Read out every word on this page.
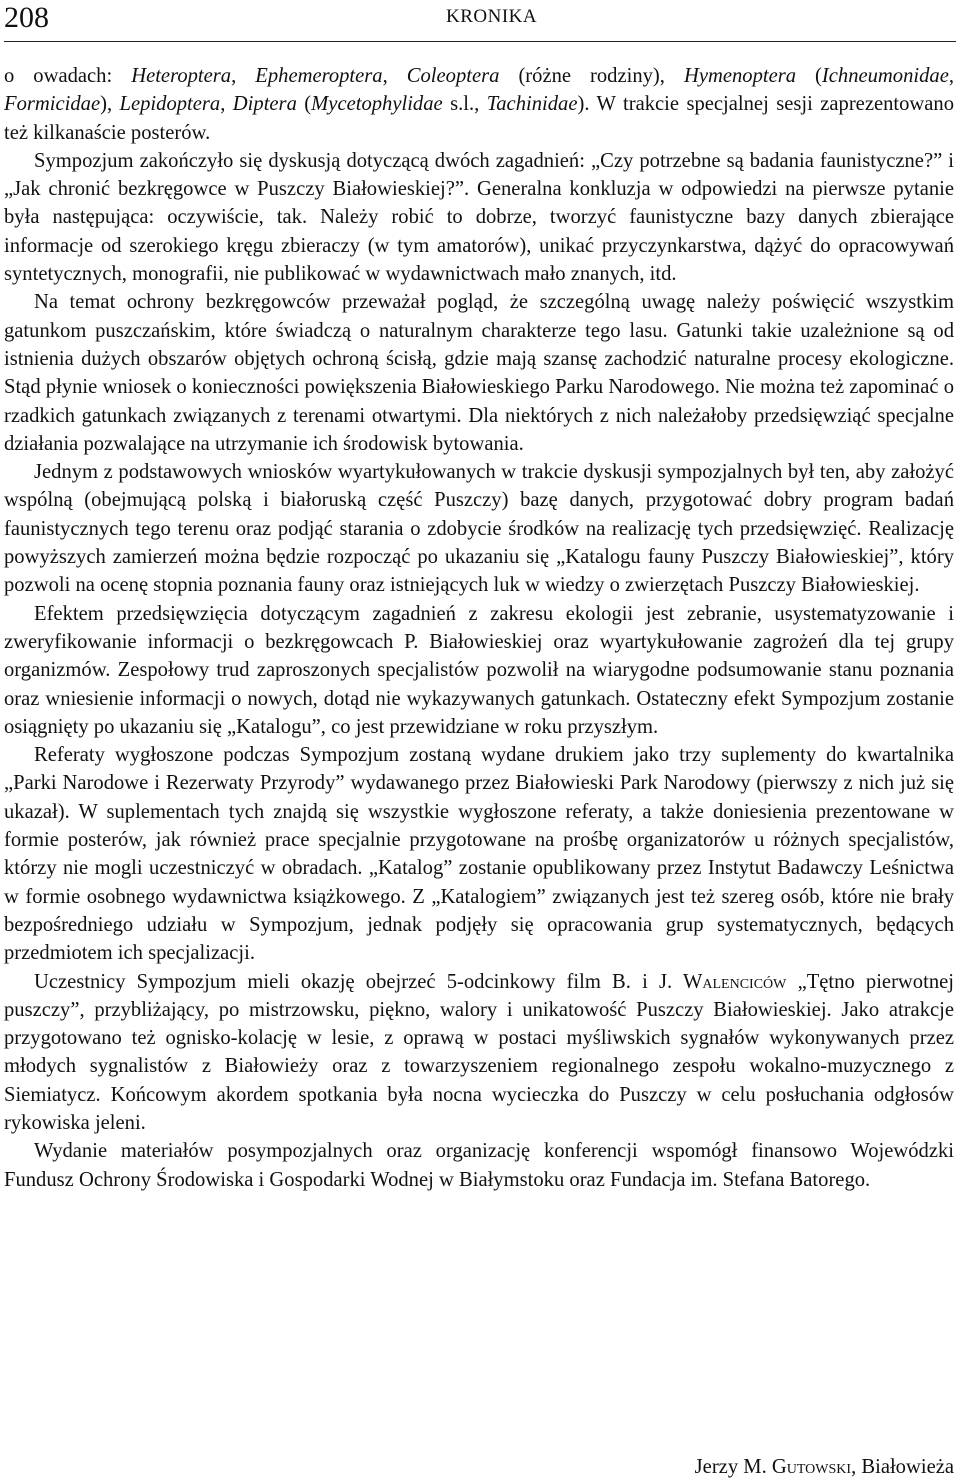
208	KRONIKA

o owadach: Heteroptera, Ephemeroptera, Coleoptera (różne rodziny), Hymenoptera (Ichneumonidae, Formicidae), Lepidoptera, Diptera (Mycetophylidae s.l., Tachinidae). W trakcie specjalnej sesji zaprezentowano też kilkanaście posterów.

Sympozjum zakończyło się dyskusją dotyczącą dwóch zagadnień: „Czy potrzebne są badania faunistyczne?” i „Jak chronić bezkręgowce w Puszczy Białowieskiej?”. Generalna konkluzja w odpowiedzi na pierwsze pytanie była następująca: oczywiście, tak. Należy robić to dobrze, tworzyć faunistyczne bazy danych zbierające informacje od szerokiego kręgu zbieraczy (w tym amatorów), unikać przyczynkarstwa, dążyć do opracowywań syntetycznych, monografii, nie publikować w wydawnictwach mało znanych, itd.

Na temat ochrony bezkręgowców przeważał pogląd, że szczególną uwagę należy poświęcić wszystkim gatunkom puszczańskim, które świadczą o naturalnym charakterze tego lasu. Gatunki takie uzależnione są od istnienia dużych obszarów objętych ochroną ścisłą, gdzie mają szansę zachodzić naturalne procesy ekologiczne. Stąd płynie wniosek o konieczności powiększenia Białowieskiego Parku Narodowego. Nie można też zapominać o rzadkich gatunkach związanych z terenami otwartymi. Dla niektórych z nich należałoby przedsięwziąć specjalne działania pozwalające na utrzymanie ich środowisk bytowania.

Jednym z podstawowych wniosków wyartykułowanych w trakcie dyskusji sympozjalnych był ten, aby założyć wspólną (obejmującą polską i białoruską część Puszczy) bazę danych, przygotować dobry program badań faunistycznych tego terenu oraz podjąć starania o zdobycie środków na realizację tych przedsięwzięć. Realizację powyższych zamierzeń można będzie rozpocząć po ukazaniu się „Katalogu fauny Puszczy Białowieskiej”, który pozwoli na ocenę stopnia poznania fauny oraz istniejących luk w wiedzy o zwierzętach Puszczy Białowieskiej.

Efektem przedsięwzięcia dotyczącym zagadnień z zakresu ekologii jest zebranie, usystematyzowanie i zweryfikowanie informacji o bezkręgowcach P. Białowieskiej oraz wyartykułowanie zagrożeń dla tej grupy organizmów. Zespołowy trud zaproszonych specjalistów pozwolił na wiarygodne podsumowanie stanu poznania oraz wniesienie informacji o nowych, dotąd nie wykazywanych gatunkach. Ostateczny efekt Sympozjum zostanie osiągnięty po ukazaniu się „Katalogu”, co jest przewidziane w roku przyszłym.

Referaty wygłoszone podczas Sympozjum zostaną wydane drukiem jako trzy suplementy do kwartalnika „Parki Narodowe i Rezerwaty Przyrody” wydawanego przez Białowieski Park Narodowy (pierwszy z nich już się ukazał). W suplementach tych znajdą się wszystkie wygłoszone referaty, a także doniesienia prezentowane w formie posterów, jak również prace specjalnie przygotowane na prośbę organizatorów u różnych specjalistów, którzy nie mogli uczestniczyć w obradach. „Katalog” zostanie opublikowany przez Instytut Badawczy Leśnictwa w formie osobnego wydawnictwa książkowego. Z „Katalogiem” związanych jest też szereg osób, które nie brały bezpośredniego udziału w Sympozjum, jednak podjęły się opracowania grup systematycznych, będących przedmiotem ich specjalizacji.

Uczestnicy Sympozjum mieli okazję obejrzeć 5-odcinkowy film B. i J. Walenciców „Tętno pierwotnej puszczy”, przybliżający, po mistrzowsku, piękno, walory i unikatowość Puszczy Białowieskiej. Jako atrakcje przygotowano też ognisko-kolację w lesie, z oprawą w postaci myśliwskich sygnałów wykonywanych przez młodych sygnalistów z Białowieży oraz z towarzyszeniem regionalnego zespołu wokalno-muzycznego z Siemiatycz. Końcowym akordem spotkania była nocna wycieczka do Puszczy w celu posłuchania odgłosów rykowiska jeleni.

Wydanie materiałów posympozjalnych oraz organizację konferencji wspomógł finansowo Wojewódzki Fundusz Ochrony Środowiska i Gospodarki Wodnej w Białymstoku oraz Fundacja im. Stefana Batorego.

Jerzy M. Gutowski, Białowieża
